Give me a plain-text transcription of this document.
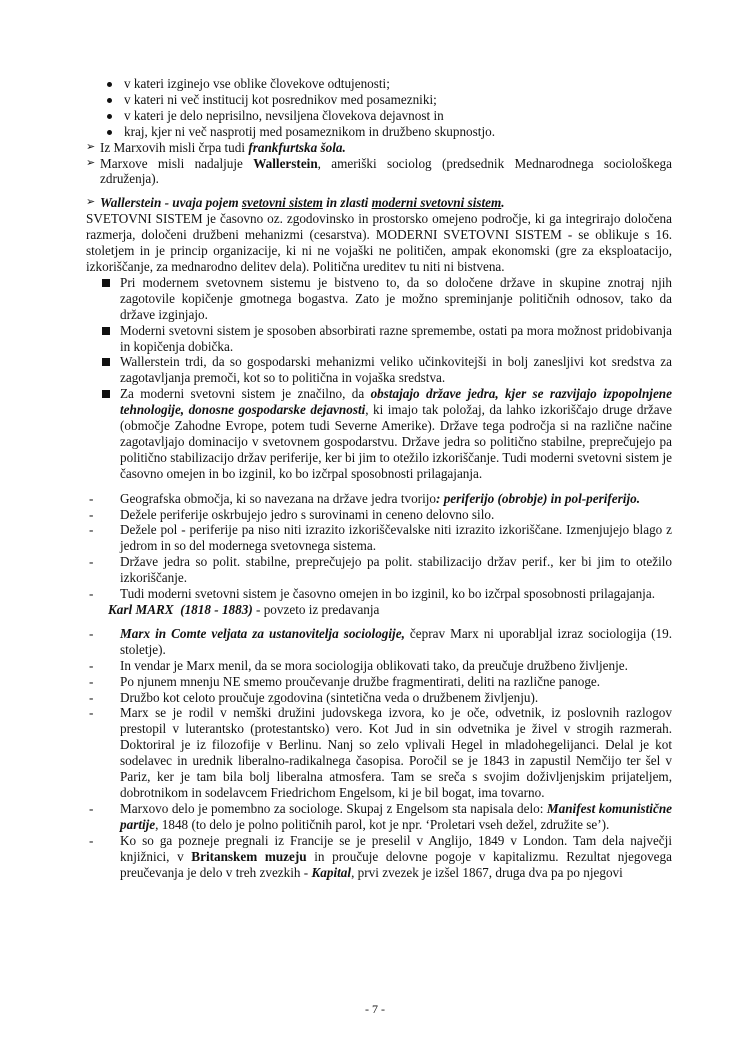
v kateri izginejo vse oblike človekove odtujenosti;
v kateri ni več institucij kot posrednikov med posamezniki;
v kateri je delo neprisilno, nevsiljena človekova dejavnost in
kraj, kjer ni več nasprotij med posameznikom in družbeno skupnostjo.
➢ Iz Marxovih misli črpa tudi frankfurtska šola.
➢ Marxove misli nadaljuje Wallerstein, ameriški sociolog (predsednik Mednarodnega sociološkega združenja).
➢ Wallerstein - uvaja pojem svetovni sistem in zlasti moderni svetovni sistem.
SVETOVNI SISTEM je časovno oz. zgodovinsko in prostorsko omejeno področje, ki ga integrirajo določena razmerja, določeni družbeni mehanizmi (cesarstva). MODERNI SVETOVNI SISTEM - se oblikuje s 16. stoletjem in je princip organizacije, ki ni ne vojaški ne političen, ampak ekonomski (gre za eksploatacijo, izkoriščanje, za mednarodno delitev dela). Politična ureditev tu niti ni bistvena.
Pri modernem svetovnem sistemu je bistveno to, da so določene države in skupine znotraj njih zagotovile kopičenje gmotnega bogastva. Zato je možno spreminjanje političnih odnosov, tako da države izginjajo.
Moderni svetovni sistem je sposoben absorbirati razne spremembe, ostati pa mora možnost pridobivanja in kopičenja dobička.
Wallerstein trdi, da so gospodarski mehanizmi veliko učinkovitejši in bolj zanesljivi kot sredstva za zagotavljanja premoči, kot so to politična in vojaška sredstva.
Za moderni svetovni sistem je značilno, da obstajajo države jedra, kjer se razvijajo izpopolnjene tehnologije, donosne gospodarske dejavnosti, ki imajo tak položaj, da lahko izkoriščajo druge države (območje Zahodne Evrope, potem tudi Severne Amerike). Države tega področja si na različne načine zagotavljajo dominacijo v svetovnem gospodarstvu. Države jedra so politično stabilne, preprečujejo pa politično stabilizacijo držav periferije, ker bi jim to otežilo izkoriščanje. Tudi moderni svetovni sistem je časovno omejen in bo izginil, ko bo izčrpal sposobnosti prilagajanja.
- Geografska območja, ki so navezana na države jedra tvorijo: periferijo (obrobje) in pol-periferijo.
- Dežele periferije oskrbujejo jedro s surovinami in ceneno delovno silo.
- Dežele pol - periferije pa niso niti izrazito izkoriščevalske niti izrazito izkoriščane. Izmenjujejo blago z jedrom in so del modernega svetovnega sistema.
- Države jedra so polit. stabilne, preprečujejo pa polit. stabilizacijo držav perif., ker bi jim to otežilo izkoriščanje.
- Tudi moderni svetovni sistem je časovno omejen in bo izginil, ko bo izčrpal sposobnosti prilagajanja.
Karl MARX  (1818 - 1883) - povzeto iz predavanja
- Marx in Comte veljata za ustanovitelja sociologije, čeprav Marx ni uporabljal izraz sociologija (19. stoletje).
- In vendar je Marx menil, da se mora sociologija oblikovati tako, da preučuje družbeno življenje.
- Po njunem mnenju NE smemo proučevanje družbe fragmentirati, deliti na različne panoge.
- Družbo kot celoto proučuje zgodovina (sintetična veda o družbenem življenju).
- Marx se je rodil v nemški družini judovskega izvora, ko je oče, odvetnik, iz poslovnih razlogov prestopil v luterantsko (protestantsko) vero. Kot Jud in sin odvetnika je živel v strogih razmerah. Doktoriral je iz filozofije v Berlinu. Nanj so zelo vplivali Hegel in mladohegelijanci. Delal je kot sodelavec in urednik liberalno-radikalnega časopisa. Poročil se je 1843 in zapustil Nemčijo ter šel v Pariz, ker je tam bila bolj liberalna atmosfera. Tam se sreča s svojim doživljenjskim prijateljem, dobrotnikom in sodelavcem Friedrichom Engelsom, ki je bil bogat, ima tovarno.
- Marxovo delo je pomembno za sociologe. Skupaj z Engelsom sta napisala delo: Manifest komunistične partije, 1848 (to delo je polno političnih parol, kot je npr. ‘Proletari vseh dežel, združite se’).
- Ko so ga pozneje pregnali iz Francije se je preselil v Anglijo, 1849 v London. Tam dela največji knjižnici, v Britanskem muzeju in proučuje delovne pogoje v kapitalizmu. Rezultat njegovega preučevanja je delo v treh zvezkih - Kapital, prvi zvezek je izšel 1867, druga dva pa po njegovi
- 7 -
